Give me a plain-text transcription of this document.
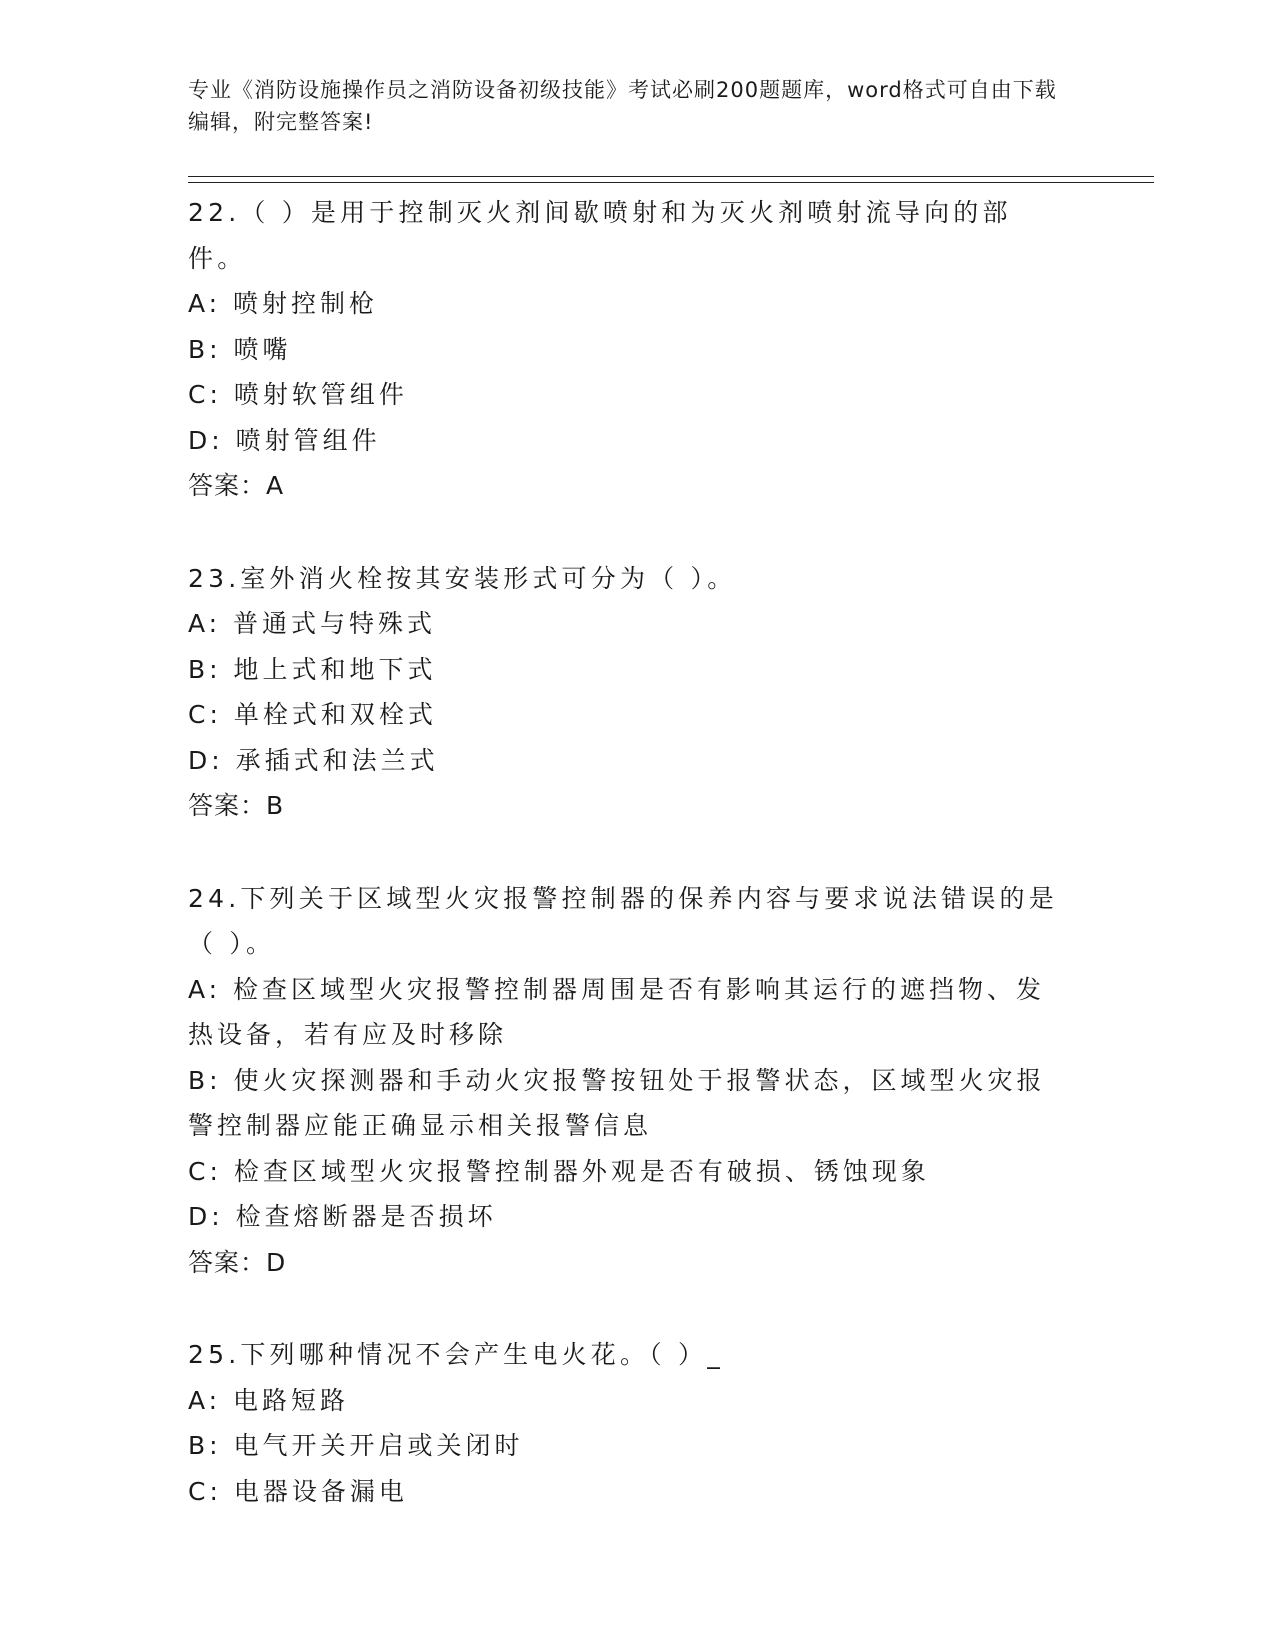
专业《消防设施操作员之消防设备初级技能》考试必刷200题题库，word格式可自由下载编辑，附完整答案!
22.（ ）是用于控制灭火剂间歇喷射和为灭火剂喷射流导向的部件。
A: 喷射控制枪
B: 喷嘴
C: 喷射软管组件
D: 喷射管组件
答案：A
23.室外消火栓按其安装形式可分为（ ）。
A: 普通式与特殊式
B: 地上式和地下式
C: 单栓式和双栓式
D: 承插式和法兰式
答案：B
24.下列关于区域型火灾报警控制器的保养内容与要求说法错误的是（ ）。
A: 检查区域型火灾报警控制器周围是否有影响其运行的遮挡物、发热设备，若有应及时移除
B: 使火灾探测器和手动火灾报警按钮处于报警状态，区域型火灾报警控制器应能正确显示相关报警信息
C: 检查区域型火灾报警控制器外观是否有破损、锈蚀现象
D: 检查熔断器是否损坏
答案：D
25.下列哪种情况不会产生电火花。（ ）_
A: 电路短路
B: 电气开关开启或关闭时
C: 电器设备漏电
